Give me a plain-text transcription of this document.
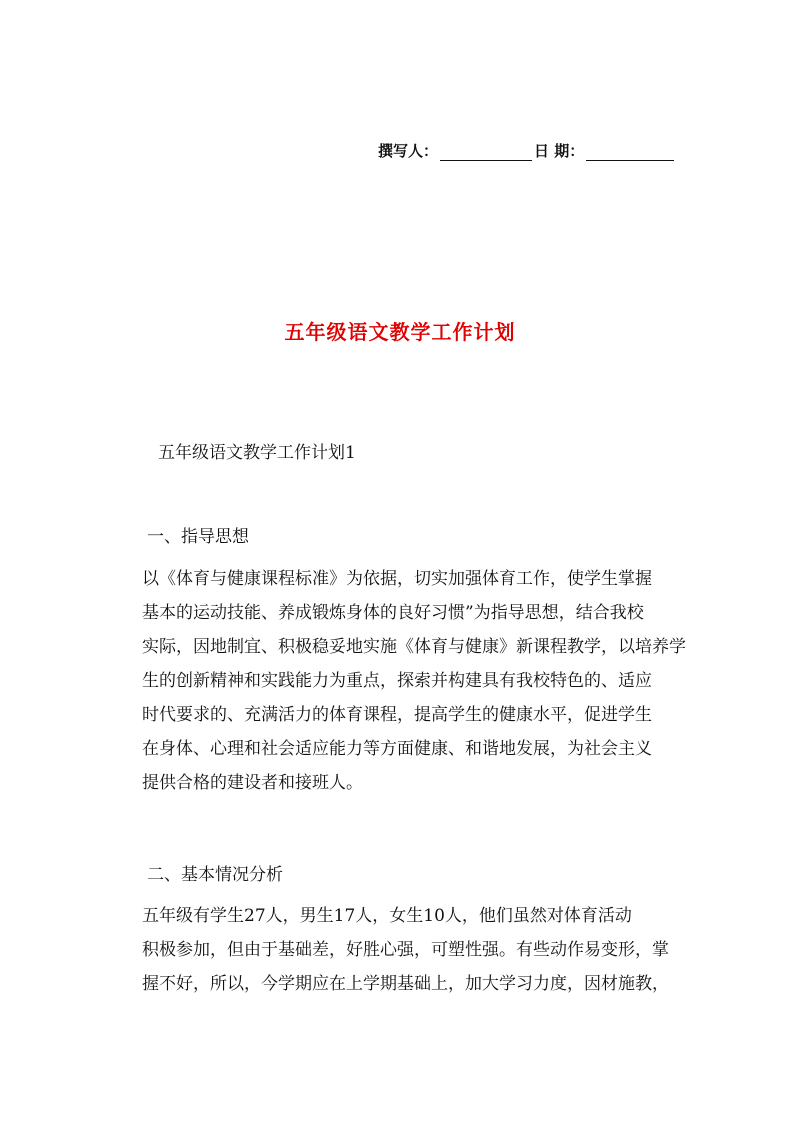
撰写人：	日 期：
五年级语文教学工作计划
五年级语文教学工作计划1
一、指导思想
以《体育与健康课程标准》为依据，切实加强体育工作，使学生掌握
基本的运动技能、养成锻炼身体的良好习惯”为指导思想，结合我校
实际，因地制宜、积极稳妥地实施《体育与健康》新课程教学，以培养学
生的创新精神和实践能力为重点，探索并构建具有我校特色的、适应
时代要求的、充满活力的体育课程，提高学生的健康水平，促进学生
在身体、心理和社会适应能力等方面健康、和谐地发展，为社会主义
提供合格的建设者和接班人。
二、基本情况分析
五年级有学生27人，男生17人，女生10人，他们虽然对体育活动
积极参加，但由于基础差，好胜心强，可塑性强。有些动作易变形，掌
握不好，所以，今学期应在上学期基础上，加大学习力度，因材施教，
